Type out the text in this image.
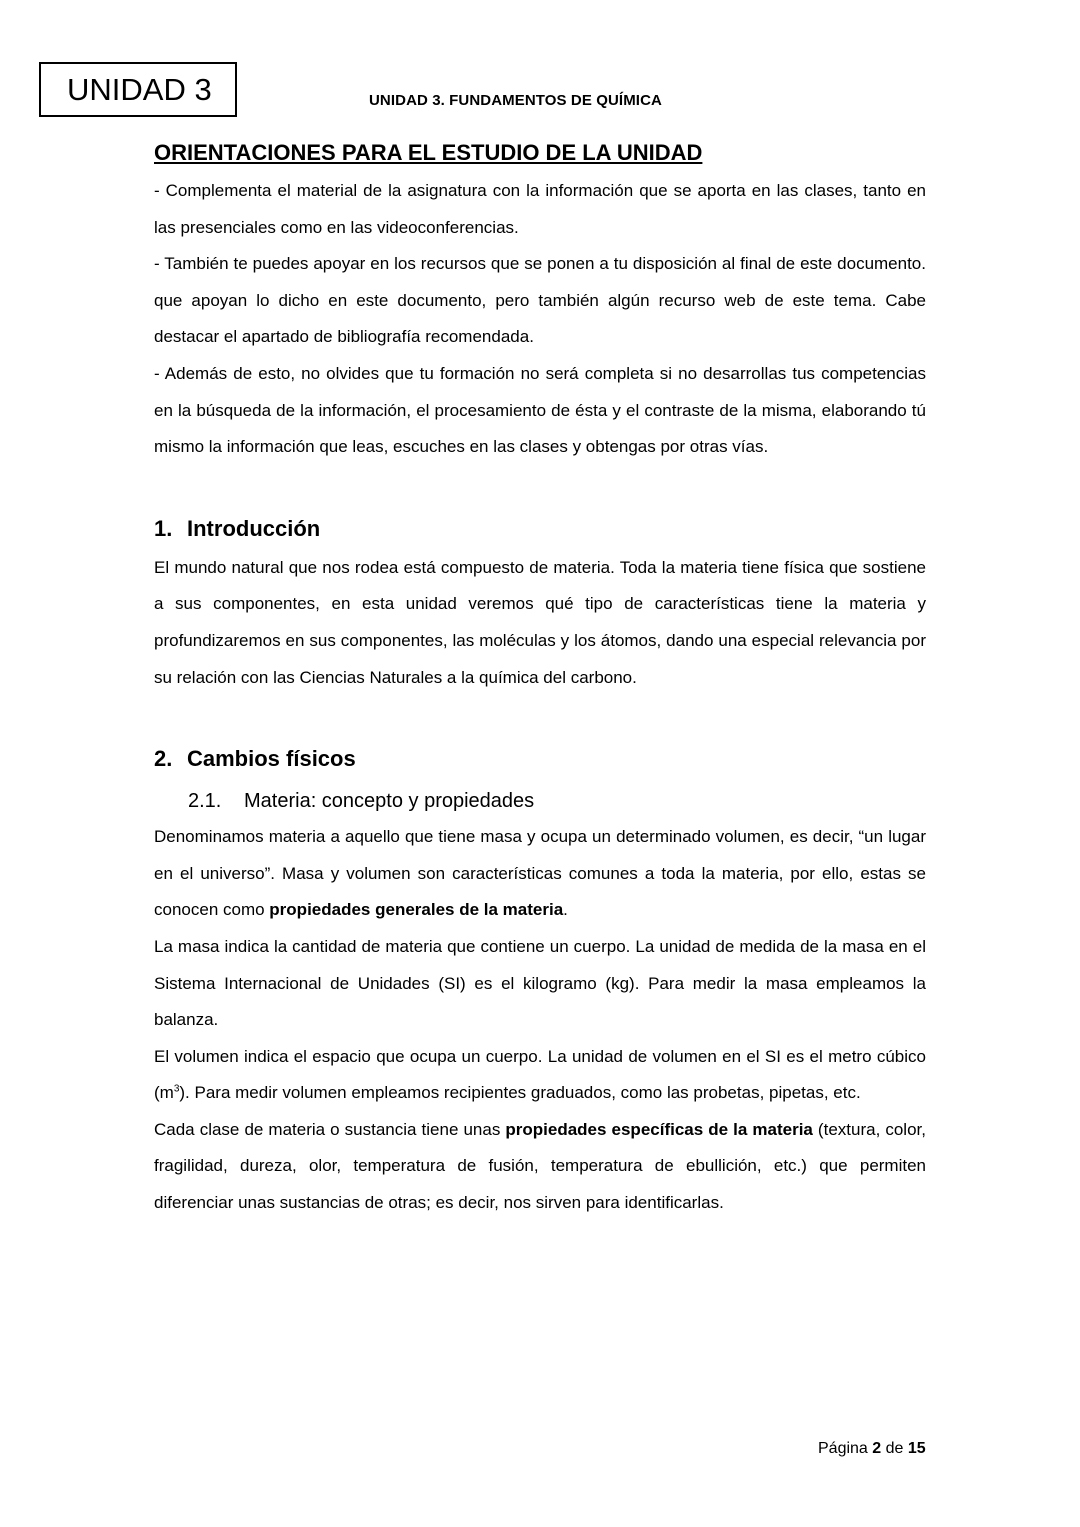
UNIDAD 3	UNIDAD 3. FUNDAMENTOS DE QUÍMICA
ORIENTACIONES PARA EL ESTUDIO DE LA UNIDAD

- Complementa el material de la asignatura con la información que se aporta en las clases, tanto en las presenciales como en las videoconferencias.

- También te puedes apoyar en los recursos que se ponen a tu disposición al final de este documento. que apoyan lo dicho en este documento, pero también algún recurso web de este tema. Cabe destacar el apartado de bibliografía recomendada.

- Además de esto, no olvides que tu formación no será completa si no desarrollas tus competencias en la búsqueda de la información, el procesamiento de ésta y el contraste de la misma, elaborando tú mismo la información que leas, escuches en las clases y obtengas por otras vías.

1. Introducción

El mundo natural que nos rodea está compuesto de materia. Toda la materia tiene física que sostiene a sus componentes, en esta unidad veremos qué tipo de características tiene la materia y profundizaremos en sus componentes, las moléculas y los átomos, dando una especial relevancia por su relación con las Ciencias Naturales a la química del carbono.

2. Cambios físicos
2.1. Materia: concepto y propiedades

Denominamos materia a aquello que tiene masa y ocupa un determinado volumen, es decir, “un lugar en el universo”. Masa y volumen son características comunes a toda la materia, por ello, estas se conocen como propiedades generales de la materia.

La masa indica la cantidad de materia que contiene un cuerpo. La unidad de medida de la masa en el Sistema Internacional de Unidades (SI) es el kilogramo (kg). Para medir la masa empleamos la balanza.

El volumen indica el espacio que ocupa un cuerpo. La unidad de volumen en el SI es el metro cúbico $(m^3)$. Para medir volumen empleamos recipientes graduados, como las probetas, pipetas, etc.

Cada clase de materia o sustancia tiene unas propiedades específicas de la materia (textura, color, fragilidad, dureza, olor, temperatura de fusión, temperatura de ebullición, etc.) que permiten diferenciar unas sustancias de otras; es decir, nos sirven para identificarlas.

Página 2 de 15
